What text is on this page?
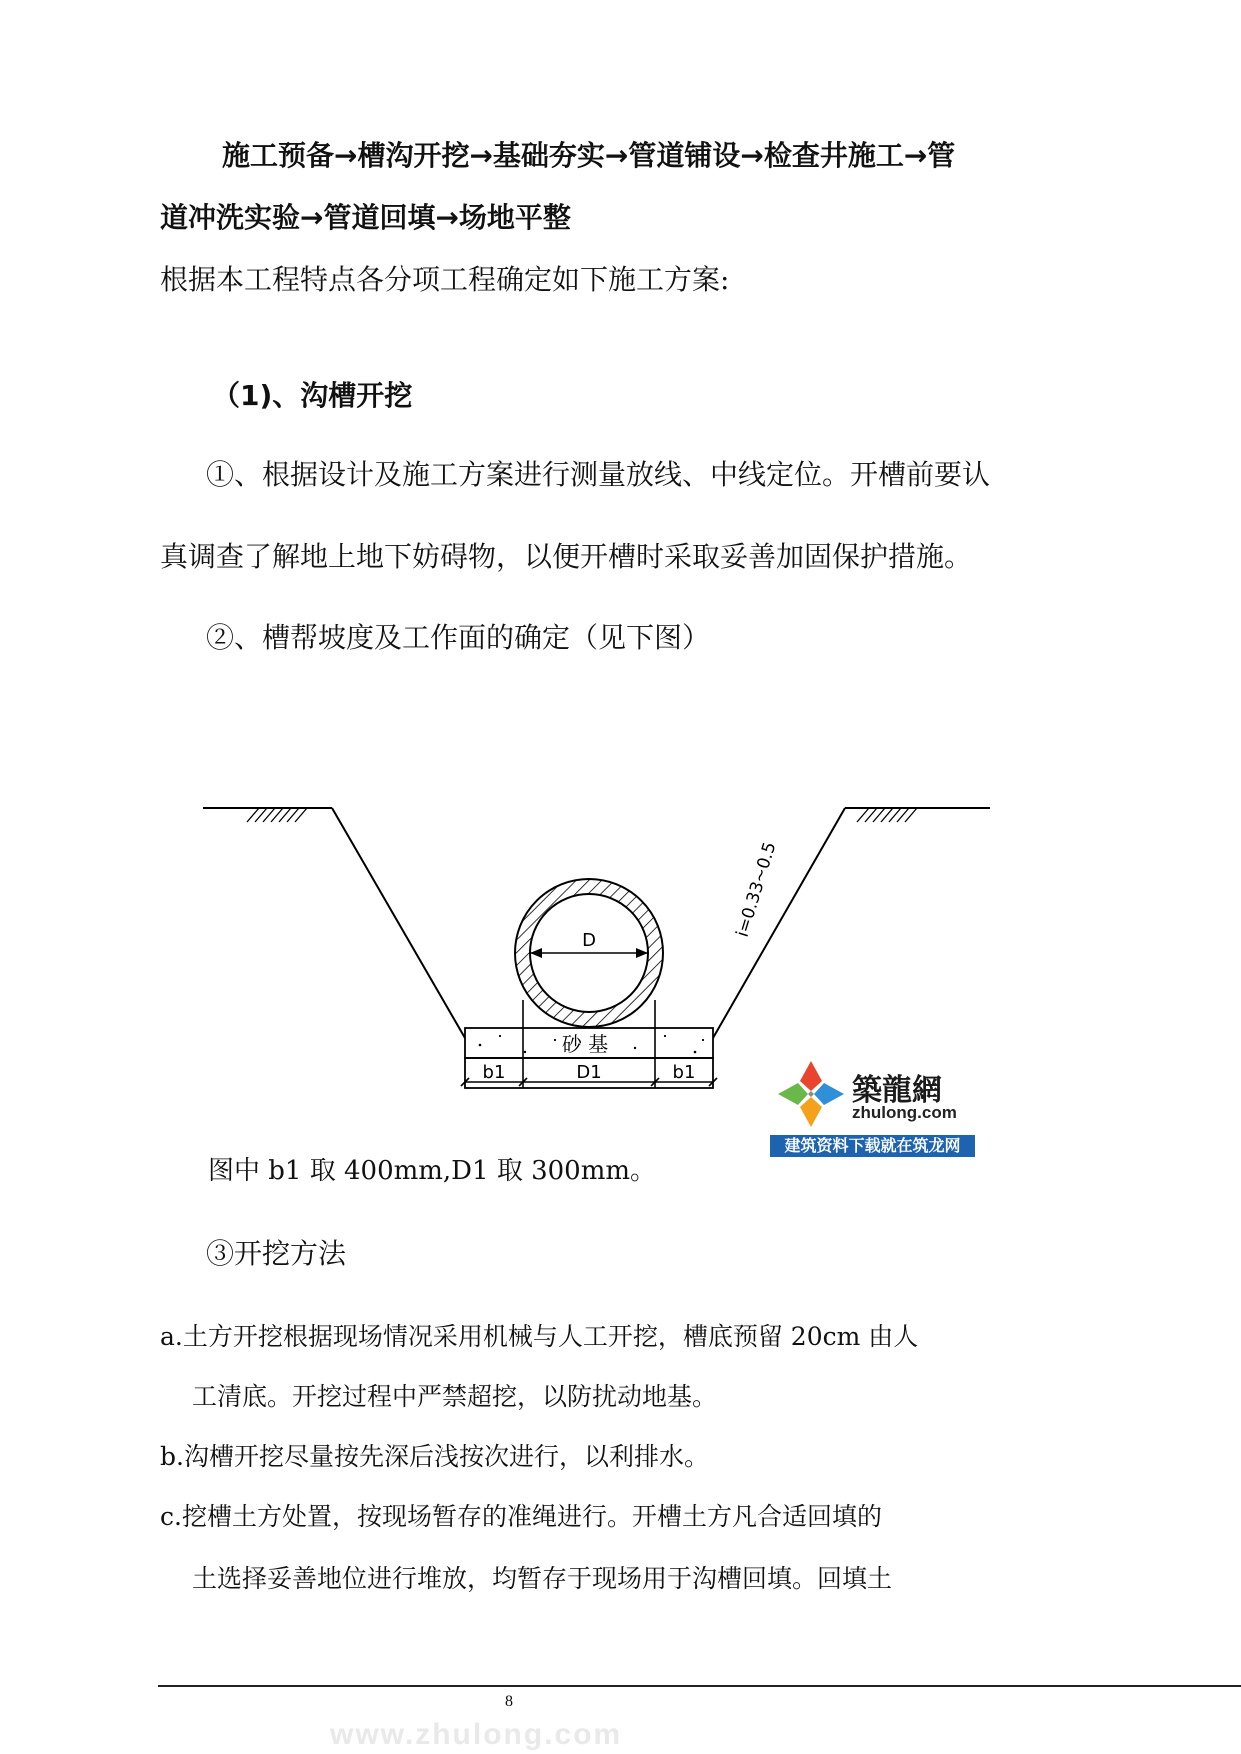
施工预备→槽沟开挖→基础夯实→管道铺设→检查井施工→管
道冲洗实验→管道回填→场地平整
根据本工程特点各分项工程确定如下施工方案:
（1)、沟槽开挖
①、根据设计及施工方案进行测量放线、中线定位。开槽前要认
真调查了解地上地下妨碍物，以便开槽时采取妥善加固保护措施。
②、槽帮坡度及工作面的确定（见下图）
砂 基
b1	D1	b1
D
i=0.33~0.5
築龍網
zhulong.com
建筑资料下载就在筑龙网
图中 b1 取 400mm,D1 取 300mm。
③开挖方法
a.土方开挖根据现场情况采用机械与人工开挖，槽底预留 20cm 由人
工清底。开挖过程中严禁超挖，以防扰动地基。
b.沟槽开挖尽量按先深后浅按次进行，以利排水。
c.挖槽土方处置，按现场暂存的准绳进行。开槽土方凡合适回填的
土选择妥善地位进行堆放，均暂存于现场用于沟槽回填。回填土
8
www.zhulong.com
